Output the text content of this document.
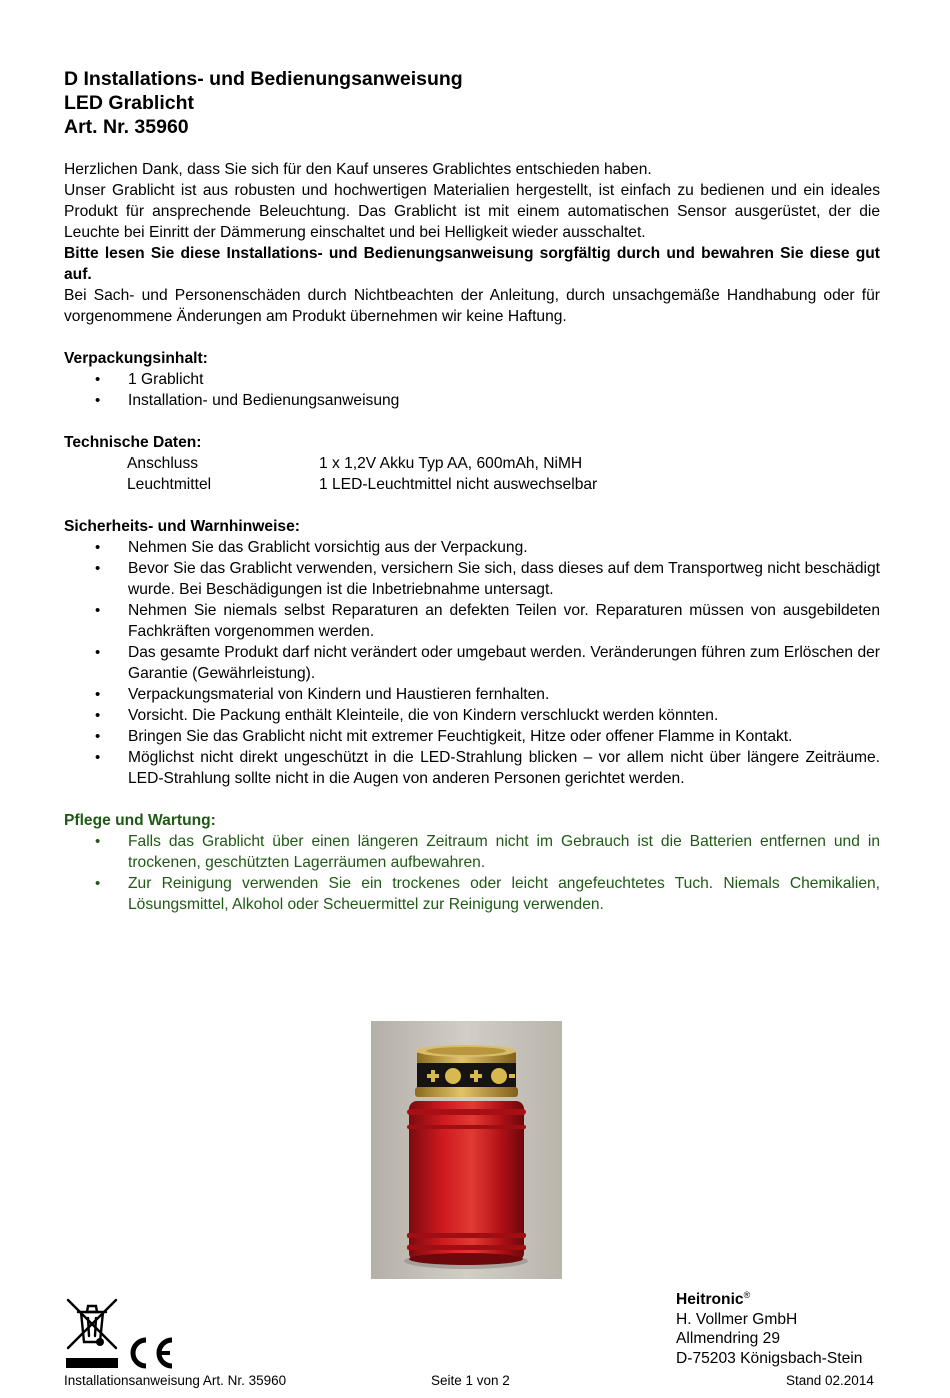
D Installations- und Bedienungsanweisung
LED Grablicht
Art. Nr. 35960

Herzlichen Dank, dass Sie sich für den Kauf unseres Grablichtes entschieden haben.

Unser Grablicht ist aus robusten und hochwertigen Materialien hergestellt, ist einfach zu bedienen und ein ideales Produkt für ansprechende Beleuchtung. Das Grablicht ist mit einem automatischen Sensor ausgerüstet, der die Leuchte bei Einritt der Dämmerung einschaltet und bei Helligkeit wieder ausschaltet.

Bitte lesen Sie diese Installations- und Bedienungsanweisung sorgfältig durch und bewahren Sie diese gut auf.

Bei Sach- und Personenschäden durch Nichtbeachten der Anleitung, durch unsachgemäße Handhabung oder für vorgenommene Änderungen am Produkt übernehmen wir keine Haftung.

Verpackungsinhalt:
• 1 Grablicht
• Installation- und Bedienungsanweisung
Technische Daten:
Anschluss	1 x 1,2V Akku Typ AA, 600mAh, NiMH
Leuchtmittel	1 LED-Leuchtmittel nicht auswechselbar
Sicherheits- und Warnhinweise:
• Nehmen Sie das Grablicht vorsichtig aus der Verpackung.
• Bevor Sie das Grablicht verwenden, versichern Sie sich, dass dieses auf dem Transportweg nicht beschädigt wurde. Bei Beschädigungen ist die Inbetriebnahme untersagt.
• Nehmen Sie niemals selbst Reparaturen an defekten Teilen vor. Reparaturen müssen von ausgebildeten Fachkräften vorgenommen werden.
• Das gesamte Produkt darf nicht verändert oder umgebaut werden. Veränderungen führen zum Erlöschen der Garantie (Gewährleistung).
• Verpackungsmaterial von Kindern und Haustieren fernhalten.
• Vorsicht. Die Packung enthält Kleinteile, die von Kindern verschluckt werden könnten.
• Bringen Sie das Grablicht nicht mit extremer Feuchtigkeit, Hitze oder offener Flamme in Kontakt.
• Möglichst nicht direkt ungeschützt in die LED-Strahlung blicken – vor allem nicht über längere Zeiträume. LED-Strahlung sollte nicht in die Augen von anderen Personen gerichtet werden.
Pflege und Wartung:
• Falls das Grablicht über einen längeren Zeitraum nicht im Gebrauch ist die Batterien entfernen und in trockenen, geschützten Lagerräumen aufbewahren.
• Zur Reinigung verwenden Sie ein trockenes oder leicht angefeuchtetes Tuch. Niemals Chemikalien, Lösungsmittel, Alkohol oder Scheuermittel zur Reinigung verwenden.
Heitronic®
H. Vollmer GmbH
Allmendring 29
D-75203 Königsbach-Stein
Installationsanweisung Art. Nr. 35960	Seite 1 von 2	Stand 02.2014
